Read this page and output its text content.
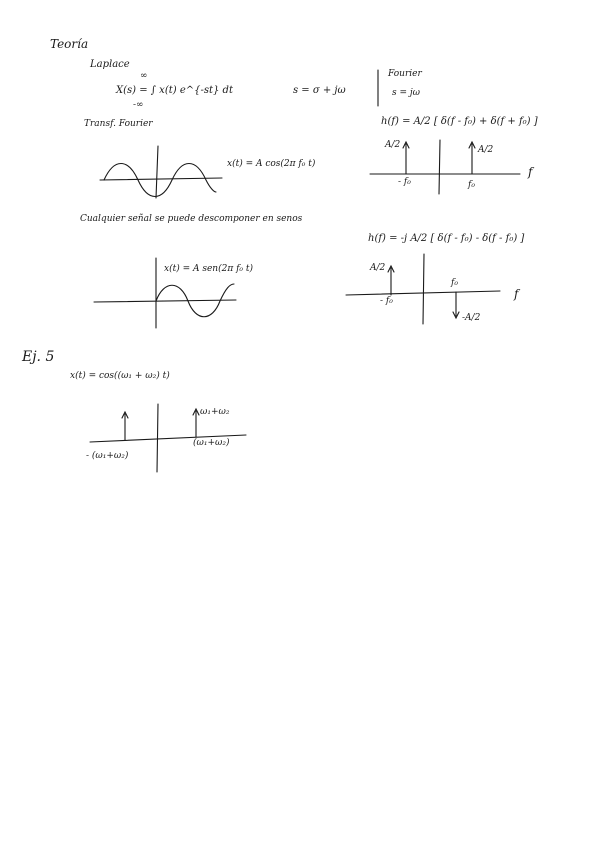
Teoría
Laplace
∞
X(s) = ∫ x(t) e^{-st} dt
-∞
s = σ + jω
Fourier
s = jω
Transf. Fourier	h(f) = A/2 [ δ(f - f₀) + δ(f + f₀) ]
x(t) = A cos(2π f₀ t)
A/2	A/2
- f₀	f₀
f
Cualquier señal se puede descomponer en senos
h(f) = -j A/2 [ δ(f - f₀) - δ(f - f₀) ]
x(t) = A sen(2π f₀ t)	A/2
f₀
- f₀
-A/2
f
Ej. 5
x(t) = cos((ω₁ + ω₂) t)
ω₁+ω₂
(ω₁+ω₂)
- (ω₁+ω₂)
